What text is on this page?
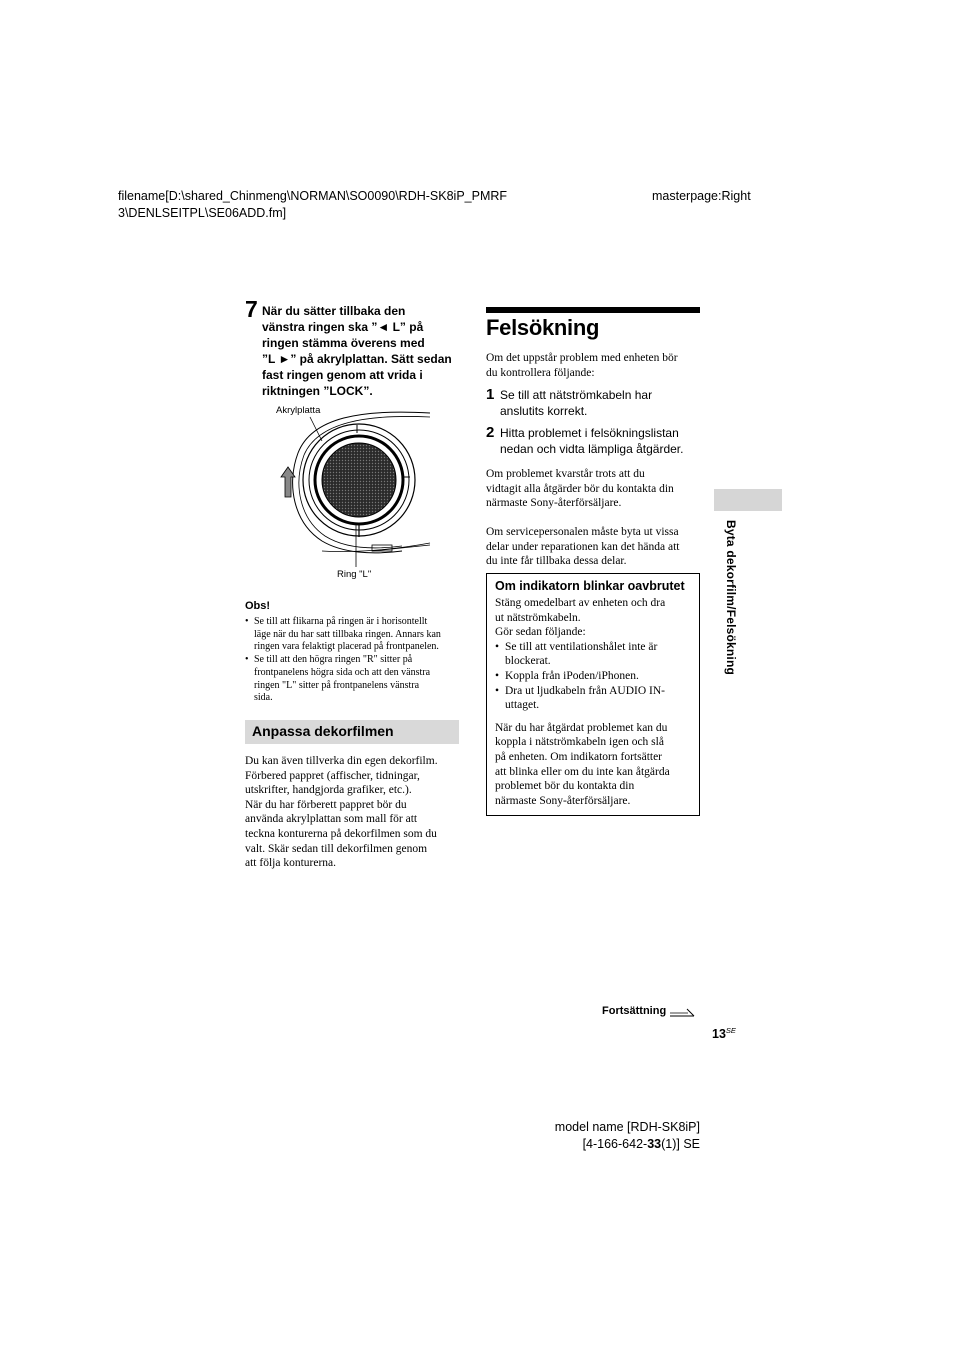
filename[D:\shared_Chinmeng\NORMAN\SO0090\RDH-SK8iP_PMRF
3\DENLSEITPL\SE06ADD.fm]
masterpage:Right
7 När du sätter tillbaka den
vänstra ringen ska ”◄ L” på
ringen stämma överens med
”L ►” på akrylplattan. Sätt sedan
fast ringen genom att vrida i
riktningen ”LOCK”.
Akrylplatta
Ring "L"
Obs!
• Se till att flikarna på ringen är i horisontellt
läge när du har satt tillbaka ringen. Annars kan
ringen vara felaktigt placerad på frontpanelen.
• Se till att den högra ringen "R" sitter på
frontpanelens högra sida och att den vänstra
ringen "L" sitter på frontpanelens vänstra
sida.
Anpassa dekorfilmen
Du kan även tillverka din egen dekorfilm.
Förbered pappret (affischer, tidningar,
utskrifter, handgjorda grafiker, etc.).
När du har förberett pappret bör du
använda akrylplattan som mall för att
teckna konturerna på dekorfilmen som du
valt. Skär sedan till dekorfilmen genom
att följa konturerna.
Felsökning
Om det uppstår problem med enheten bör
du kontrollera följande:
1 Se till att nätströmkabeln har
anslutits korrekt.
2 Hitta problemet i felsökningslistan
nedan och vidta lämpliga åtgärder.
Om problemet kvarstår trots att du
vidtagit alla åtgärder bör du kontakta din
närmaste Sony-återförsäljare.
Om servicepersonalen måste byta ut vissa
delar under reparationen kan det hända att
du inte får tillbaka dessa delar.
Om indikatorn blinkar oavbrutet
Stäng omedelbart av enheten och dra
ut nätströmkabeln.
Gör sedan följande:
• Se till att ventilationshålet inte är
blockerat.
• Koppla från iPoden/iPhonen.
• Dra ut ljudkabeln från AUDIO IN-
uttaget.
När du har åtgärdat problemet kan du
koppla i nätströmkabeln igen och slå
på enheten. Om indikatorn fortsätter
att blinka eller om du inte kan åtgärda
problemet bör du kontakta din
närmaste Sony-återförsäljare.
Byta dekorfilm/Felsökning
Fortsättning
$13^{SE}$
model name [RDH-SK8iP]
[4-166-642-33(1)] SE
